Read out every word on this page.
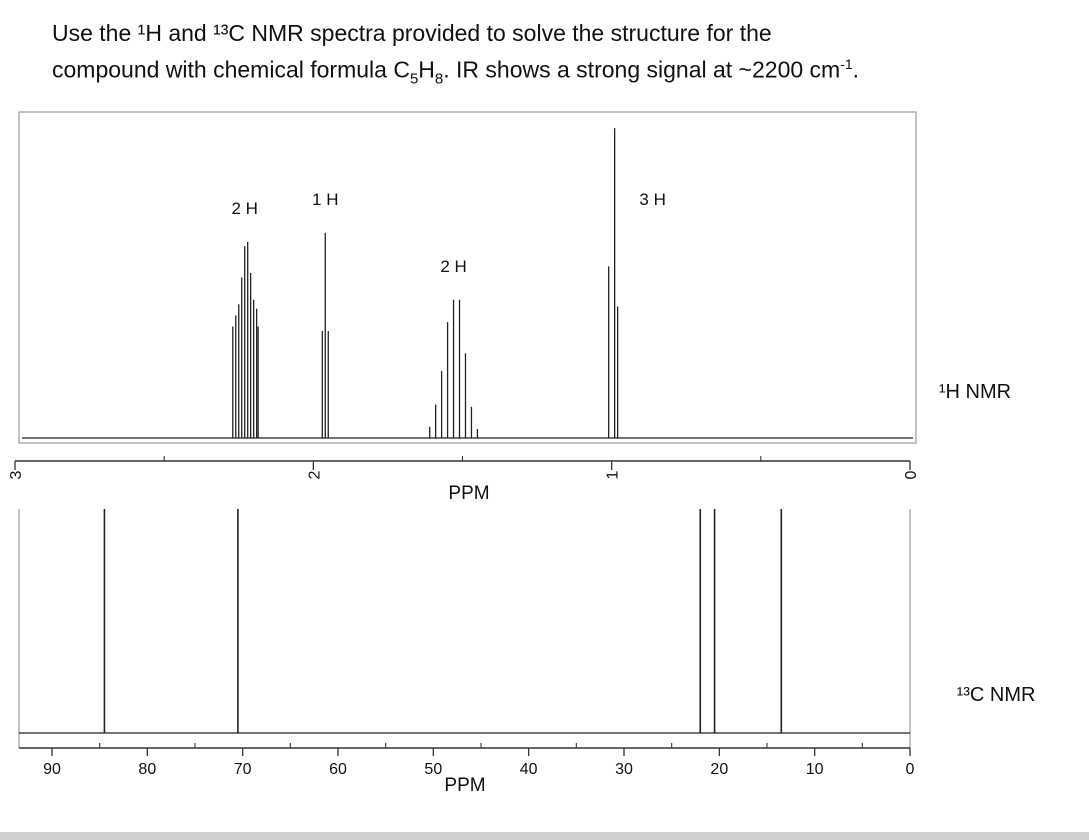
Use the ¹H and ¹³C NMR spectra provided to solve the structure for the

compound with chemical formula $C_5H_8$. IR shows a strong signal at ~2200 $cm^{-1}$.

3	2	1	0
PPM
2 H	1 H
2 H
3 H
¹H NMR
90	80	70	60	50	40	30	20	10	0
PPM
¹³C NMR
